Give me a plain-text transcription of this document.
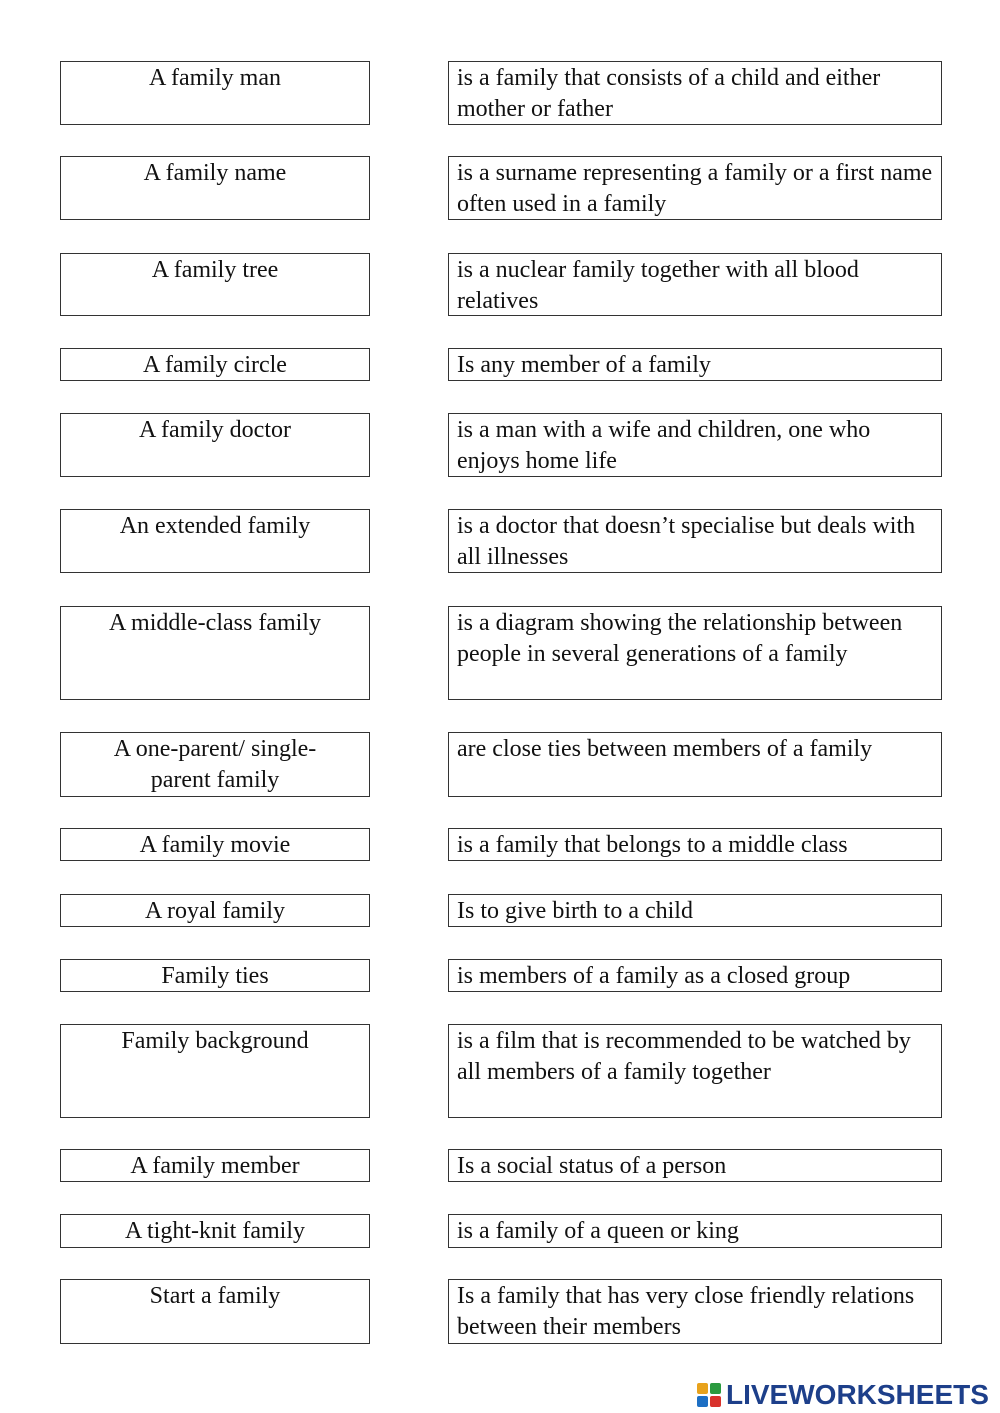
A family man
A family name
A family tree
A family circle
A family doctor
An extended family
A middle-class family
A one-parent/ single-parent family
A family movie
A royal family
Family ties
Family background
A family member
A tight-knit family
Start a family
is a family that consists of a child and either mother or father
is a surname representing a family or a first name often used in a family
is a nuclear family together with all blood relatives
Is any member of a family
is a man with a wife and children, one who enjoys home life
is a doctor that doesn’t specialise but deals with all illnesses
is a diagram showing the relationship between people in several generations of a family
are close ties between members of a family
is a family that belongs to a middle class
Is to give birth to a child
is members of a family as a closed group
is a film that is recommended to be watched by all members of a family together
Is a social status of a person
is a family of a queen or king
Is a family that has very close friendly relations between their members
LIVEWORKSHEETS
